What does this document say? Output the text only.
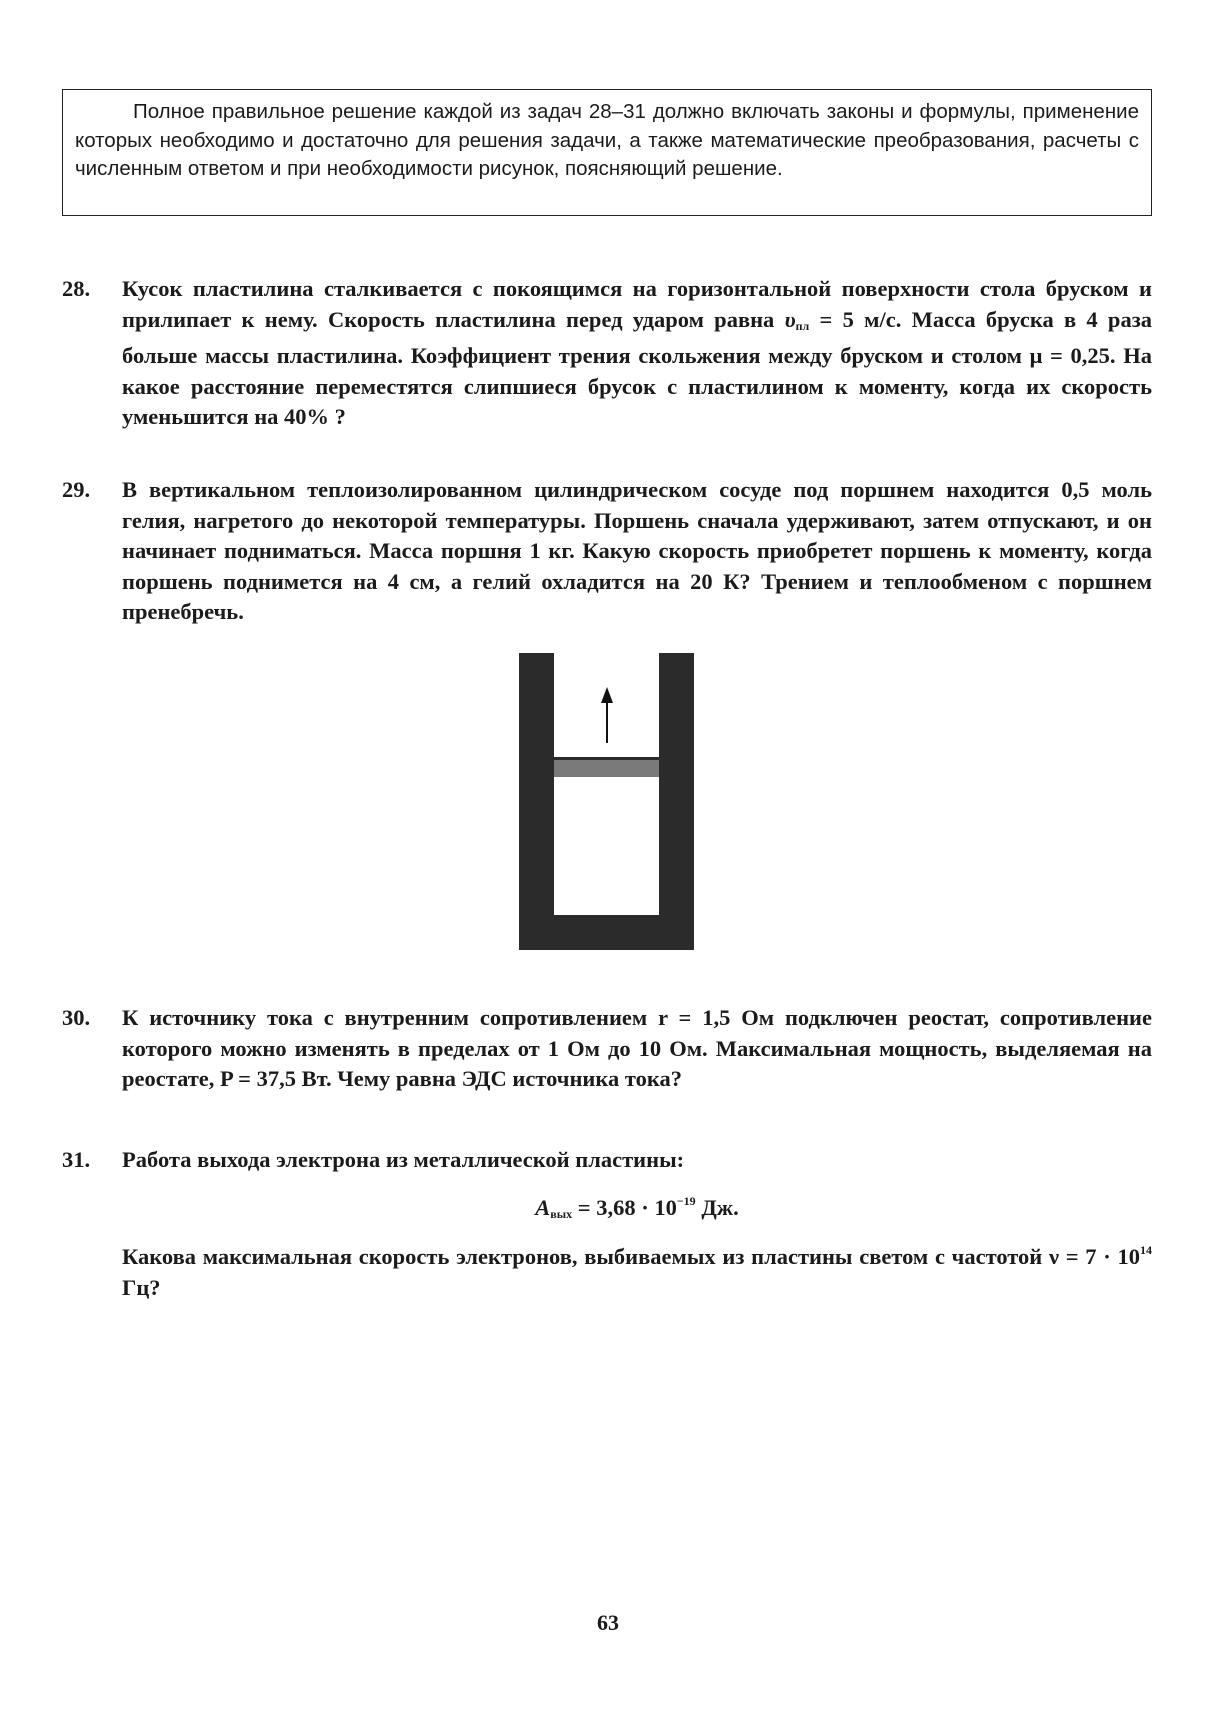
Полное правильное решение каждой из задач 28–31 должно включать законы и формулы, применение которых необходимо и достаточно для решения задачи, а также математические преобразования, расчеты с численным ответом и при необходимости рисунок, поясняющий решение.
28. Кусок пластилина сталкивается с покоящимся на горизонтальной поверхности стола бруском и прилипает к нему. Скорость пластилина перед ударом равна $\upsilon_{пл} = 5$ м/с. Масса бруска в 4 раза больше массы пластилина. Коэффициент трения скольжения между бруском и столом μ = 0,25. На какое расстояние переместятся слипшиеся брусок с пластилином к моменту, когда их скорость уменьшится на 40% ?
29. В вертикальном теплоизолированном цилиндрическом сосуде под поршнем находится 0,5 моль гелия, нагретого до некоторой температуры. Поршень сначала удерживают, затем отпускают, и он начинает подниматься. Масса поршня 1 кг. Какую скорость приобретет поршень к моменту, когда поршень поднимется на 4 см, а гелий охладится на 20 К? Трением и теплообменом с поршнем пренебречь.
30. К источнику тока с внутренним сопротивлением r = 1,5 Ом подключен реостат, сопротивление которого можно изменять в пределах от 1 Ом до 10 Ом. Максимальная мощность, выделяемая на реостате, P = 37,5 Вт. Чему равна ЭДС источника тока?
31. Работа выхода электрона из металлической пластины:
$A_{вых} = 3,68 \cdot 10^{-19}$ Дж.
Какова максимальная скорость электронов, выбиваемых из пластины светом с частотой $\nu = 7 \cdot 10^{14}$ Гц?
63
